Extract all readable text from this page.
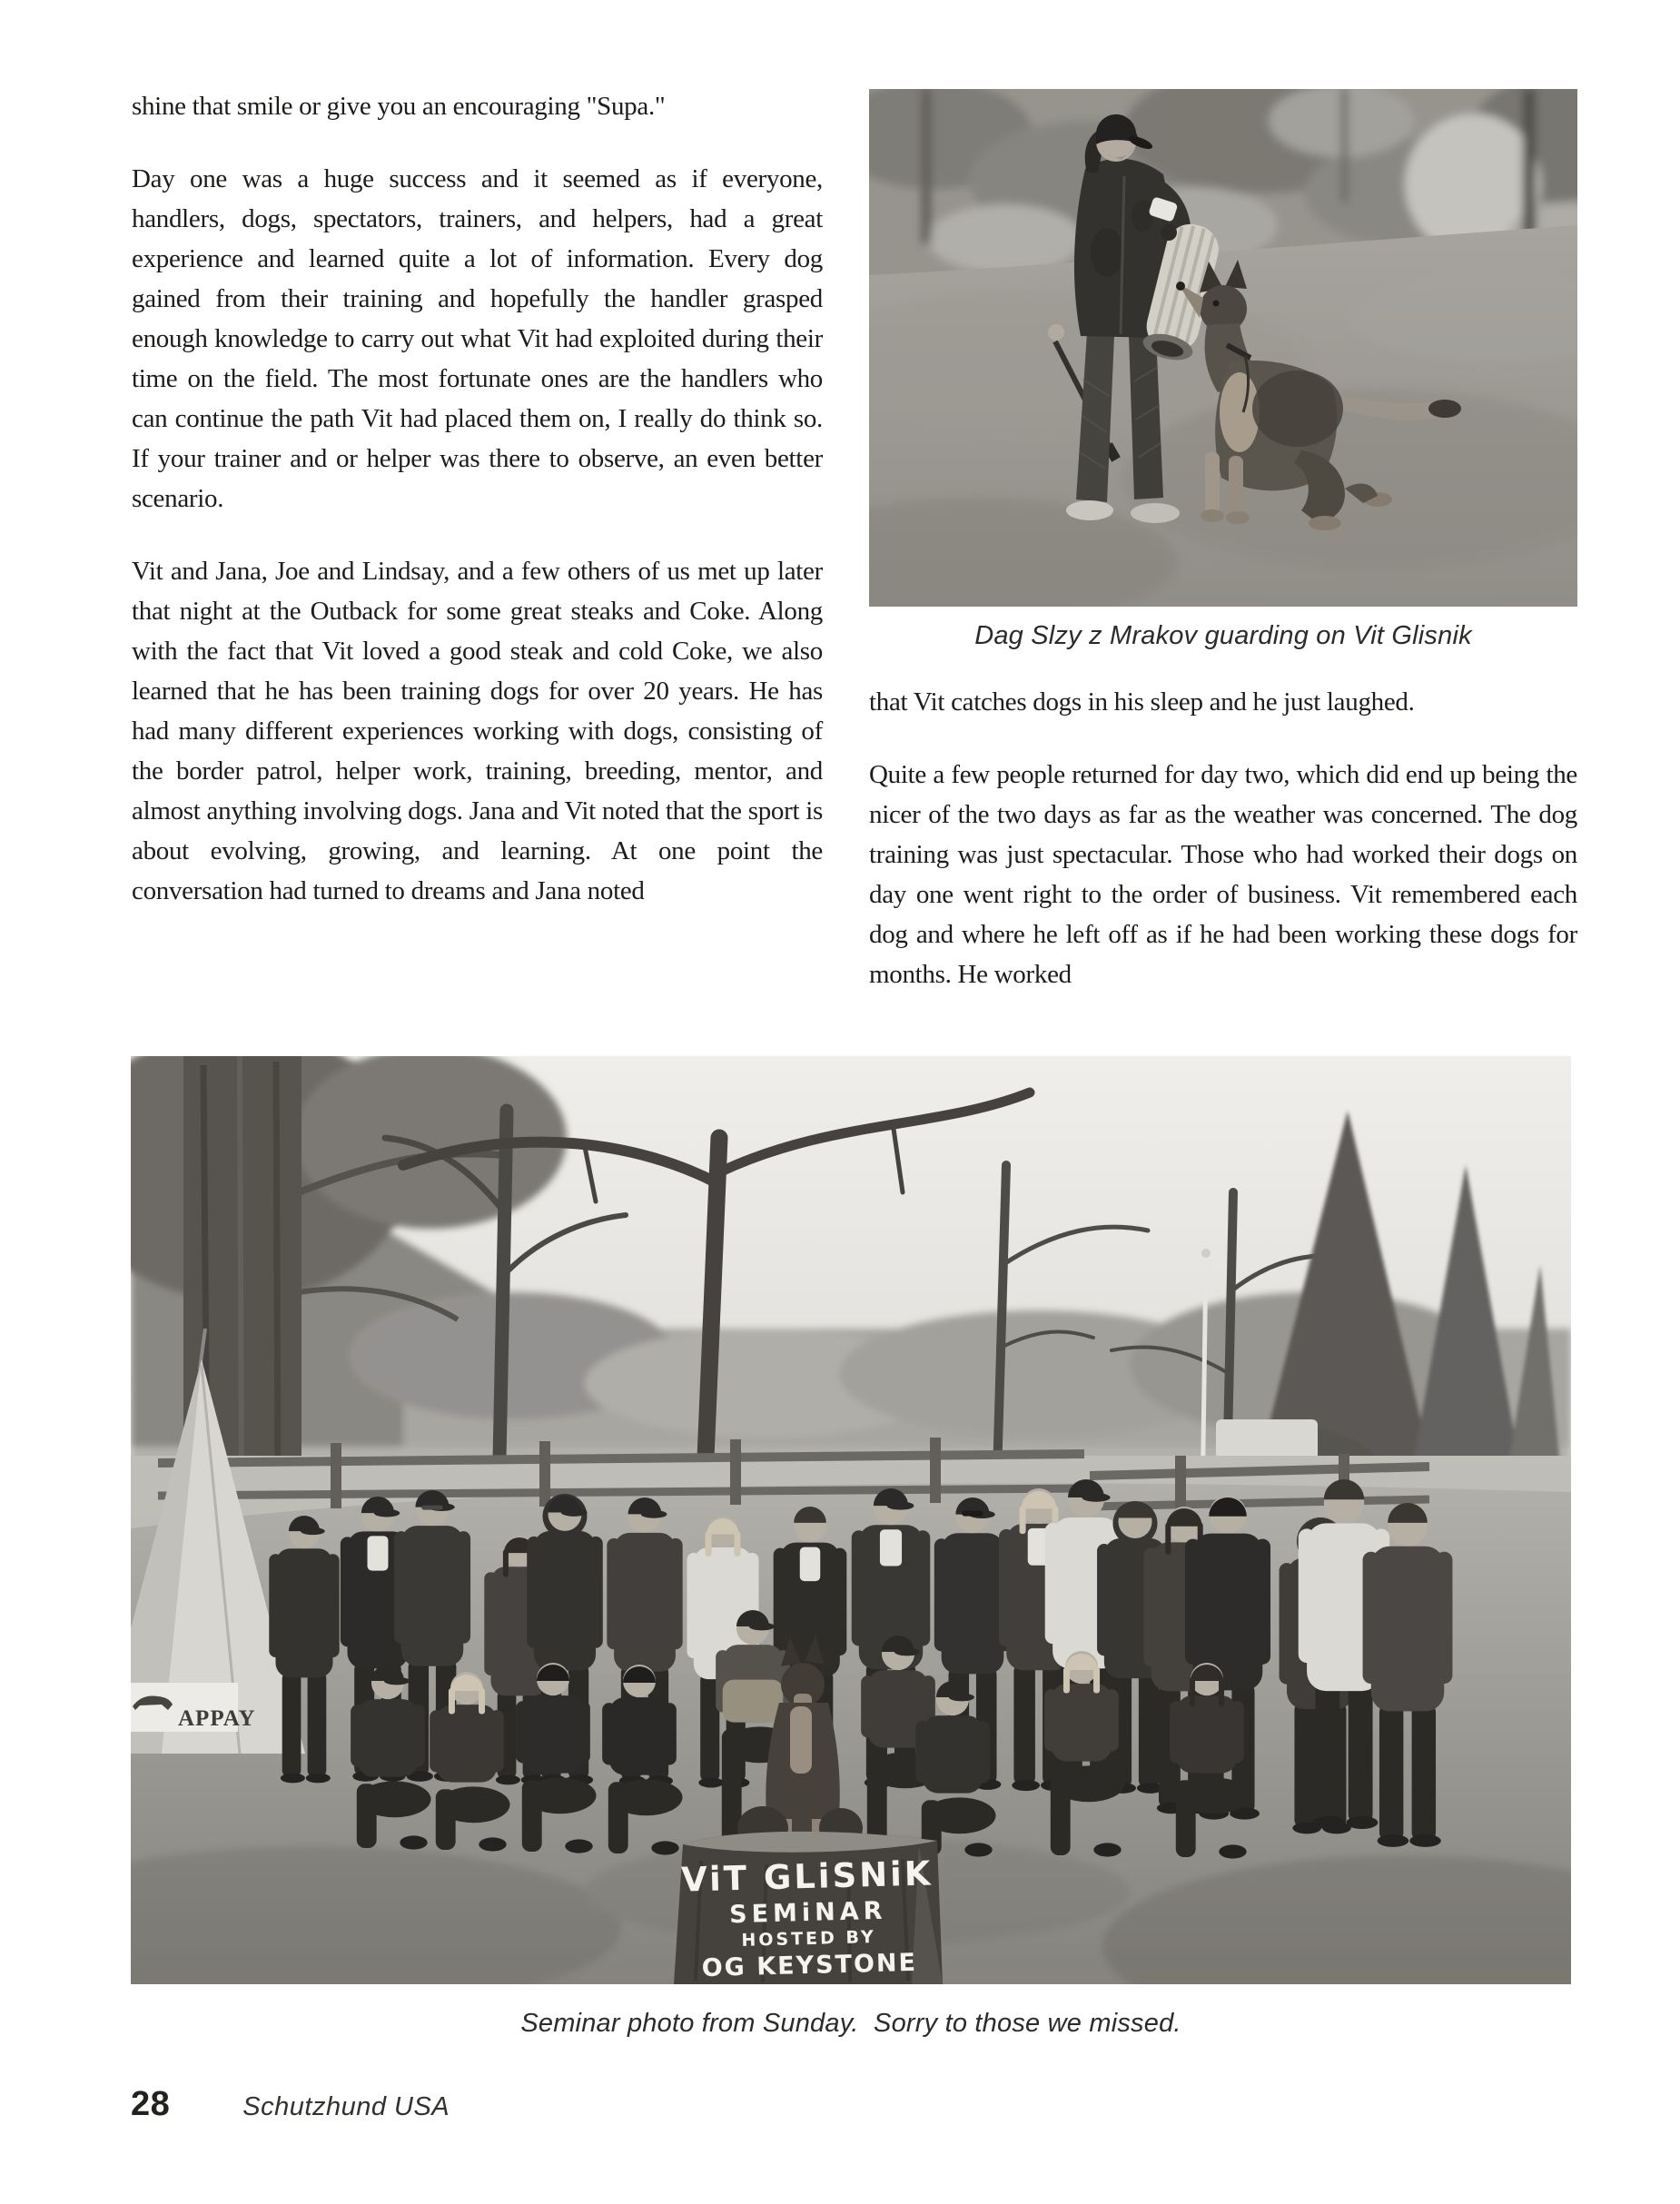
shine that smile or give you an encouraging "Supa."

Day one was a huge success and it seemed as if everyone, handlers, dogs, spectators, trainers, and helpers, had a great experience and learned quite a lot of information. Every dog gained from their training and hopefully the handler grasped enough knowledge to carry out what Vit had exploited during their time on the field. The most fortunate ones are the handlers who can continue the path Vit had placed them on, I really do think so. If your trainer and or helper was there to observe, an even better scenario.

Vit and Jana, Joe and Lindsay, and a few others of us met up later that night at the Outback for some great steaks and Coke. Along with the fact that Vit loved a good steak and cold Coke, we also learned that he has been training dogs for over 20 years. He has had many different experiences working with dogs, consisting of the border patrol, helper work, training, breeding, mentor, and almost anything involving dogs. Jana and Vit noted that the sport is about evolving, growing, and learning. At one point the conversation had turned to dreams and Jana noted

Dag Slzy z Mrakov guarding on Vit Glisnik

that Vit catches dogs in his sleep and he just laughed.

Quite a few people returned for day two, which did end up being the nicer of the two days as far as the weather was concerned. The dog training was just spectacular. Those who had worked their dogs on day one went right to the order of business. Vit remembered each dog and where he left off as if he had been working these dogs for months. He worked

APPAY
ViT GLiSNiK
SEMiNAR
HOSTED BY
OG KEYSTONE
Seminar photo from Sunday.  Sorry to those we missed.
28	Schutzhund USA
